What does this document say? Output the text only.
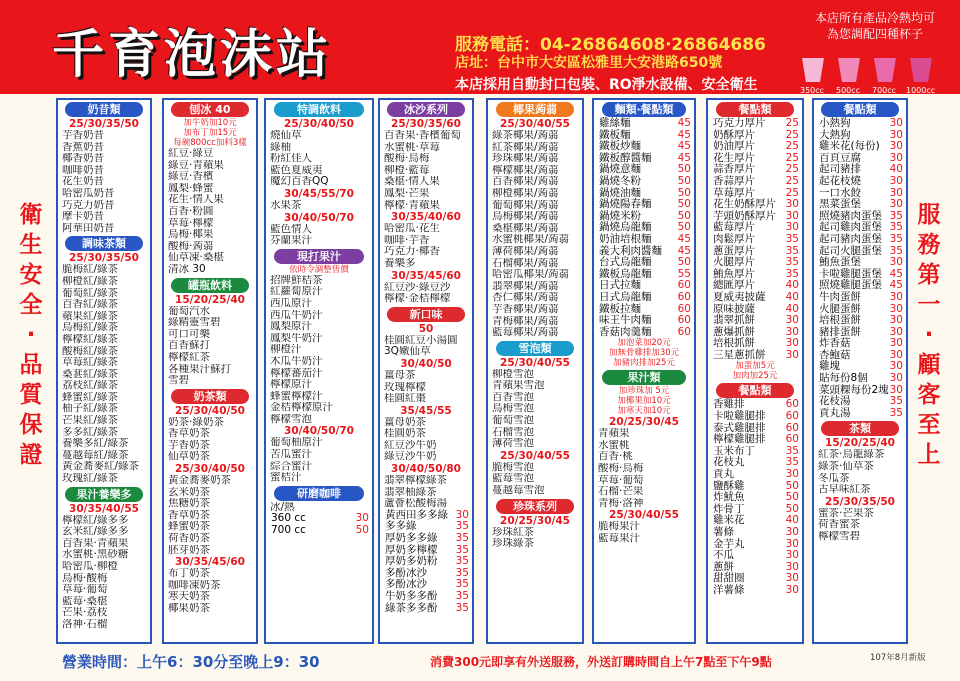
千育泡沫站	服務電話：04-26864608‧26864686
店址：台中市大安區松雅里大安港路650號
本店採用自動封口包裝、RO淨水設備、安全衛生
本店所有產品冷熱均可
為您調配四種杯子
350cc 500cc 700cc 1000cc
衛
生
安
全
‧
品
質
保
證
服
務
第
一
‧
顧
客
至
上
奶昔類
25/30/35/50
芋香奶昔
香蕉奶昔
椰香奶昔
咖啡奶昔
花生奶昔
哈密瓜奶昔
巧克力奶昔
摩卡奶昔
阿華田奶昔
調味茶類
25/30/35/50
脆梅紅/綠茶
柳橙紅/綠茶
葡萄紅/綠茶
百香紅/綠茶
蘋果紅/綠茶
烏梅紅/綠茶
檸檬紅/綠茶
酸梅紅/綠茶
草莓紅/綠茶
桑葚紅/綠茶
荔枝紅/綠茶
蜂蜜紅/綠茶
柚子紅/綠茶
芒果紅/綠茶
多多紅/綠茶
養樂多紅/綠茶
蔓越莓紅/綠茶
黃金蕎麥紅/綠茶
玫瑰紅/綠茶
果汁養樂多
30/35/40/55
檸檬紅/綠多多
玄米紅/綠多多
百香果‧青蘋果
水蜜桃‧黑砂糖
哈密瓜‧柳橙
烏梅‧酸梅
草莓‧葡萄
藍莓‧桑椹
芒果‧荔枝
洛神‧石榴
刨冰 40
加牛奶加10元
加布丁加15元
每碗800cc加料3樣
紅豆‧綠豆
綠豆‧青蘋果
綠豆‧香檳
鳳梨‧蜂蜜
花生‧情人果
百香‧粉圓
草莓‧檸檬
烏梅‧椰果
酸梅‧蒟蒻
仙草凍‧桑椹
清冰 30
罐瓶飲料
15/20/25/40
葡萄汽水
綠精靈雪碧
可口可樂
百香蘇打
檸檬紅茶
各種果汁蘇打
雪碧
奶茶類
25/30/40/50
奶茶‧綠奶茶
香草奶茶
芋香奶茶
仙草奶茶
25/30/40/50
黃金蕎麥奶茶
玄米奶茶
焦糖奶茶
香草奶茶
蜂蜜奶茶
荷香奶茶
胚芽奶茶
30/35/45/60
布丁奶茶
咖啡凍奶茶
寒天奶茶
椰果奶茶
特調飲料
25/30/40/50
燒仙草
綠柚
粉紅佳人
藍色夏威夷
魔幻百香QQ
30/45/55/70
水果茶
30/40/50/70
藍色情人
芬蘭果汁
現打果汁
依時令調整售價
招牌鮮桔茶
紅蘿蔔原汁
西瓜原汁
西瓜牛奶汁
鳳梨原汁
鳳梨牛奶汁
柳橙汁
木瓜牛奶汁
檸檬蕃茄汁
檸檬原汁
蜂蜜檸檬汁
金桔檸檬原汁
檸檬雪泡
30/40/50/70
葡萄柚原汁
苦瓜蜜汁
綜合蜜汁
蜜桔汁
研磨咖啡
冰/熱
360 cc	30
700 cc	50
冰沙系列
25/30/35/60
百香果‧香檳葡萄
水蜜桃‧草莓
酸梅‧烏梅
柳橙‧藍莓
桑椹‧情人果
鳳梨‧芒果
檸檬‧青蘋果
30/35/40/60
哈密瓜‧花生
咖啡‧芋香
巧克力‧椰香
養樂多
30/35/45/60
紅豆沙‧綠豆沙
檸檬‧金桔檸檬
新口味
50
桂圓紅豆小湯圓
3Q嫩仙草
30/40/50
薑母茶
玫瑰檸檬
桂圓紅棗
35/45/55
薑母奶茶
桂圓奶茶
紅豆沙牛奶
綠豆沙牛奶
30/40/50/80
翡翠檸檬綠茶
翡翠柚綠茶
蘆薈松酸梅湯
黃西田多多綠 30
多多綠	35
厚奶多多綠 35
厚奶多檸檬 35
厚奶多奶粉 35
多酚冰沙	35
多酚冰沙	35
牛奶多多酚 35
綠茶多多酚 35
椰果蒟蒻
25/30/40/55
綠茶椰果/蒟蒻
紅茶椰果/蒟蒻
珍珠椰果/蒟蒻
檸檬椰果/蒟蒻
百香椰果/蒟蒻
柳橙椰果/蒟蒻
葡萄椰果/蒟蒻
烏梅椰果/蒟蒻
桑椹椰果/蒟蒻
水蜜桃椰果/蒟蒻
薄荷椰果/蒟蒻
石榴椰果/蒟蒻
哈密瓜椰果/蒟蒻
翡翠椰果/蒟蒻
杏仁椰果/蒟蒻
芋香椰果/蒟蒻
青梅椰果/蒟蒻
藍莓椰果/蒟蒻
雪泡類
25/30/40/55
柳橙雪泡
青蘋果雪泡
百香雪泡
烏梅雪泡
葡萄雪泡
石榴雪泡
薄荷雪泡
25/30/40/55
脆梅雪泡
藍莓雪泡
蔓越莓雪泡
珍珠系列
20/25/30/45
珍珠紅茶
珍珠綠茶
麵類‧餐點類
雞絲麵	45
鐵板麵	45
鐵板炒麵	45
鐵板醇醬麵 45
鍋燒意麵	50
鍋燒冬粉	50
鍋燒油麵	50
鍋燒陽春麵 50
鍋燒米粉	50
鍋燒烏龍麵 50
奶油培根麵 45
義大利肉醬麵 45
台式烏龍麵 50
鐵板烏龍麵 55
日式拉麵	60
日式烏龍麵 60
鐵板拉麵	60
味王牛肉麵 60
香菇肉羹麵 60
加泡菜加20元
加無骨雞排加30元
加豬肉排加25元
果汁類
加珍珠加 5元
加椰果加10元
加寒天加10元
20/25/30/45
青蘋果
水蜜桃
百香‧桃
酸梅‧烏梅
草莓‧葡萄
石榴‧芒果
青梅‧洛神
25/30/40/55
脆梅果汁
藍莓果汁
餐點類
巧克力厚片 25
奶酥厚片	25
奶油厚片	25
花生厚片	25
蒜香厚片	25
香蒜厚片	25
草莓厚片	25
花生奶酥厚片 30
芋頭奶酥厚片 30
藍莓厚片	30
肉鬆厚片	35
蔥蛋厚片	35
火腿厚片	35
鮪魚厚片	35
總匯厚片	40
夏威夷披薩 40
原味披薩	40
翡翠抓餅	30
蔥爆抓餅	30
培根抓餅	30
三星蔥抓餅 30
加蛋加5元
加肉加25元
餐點類
香雞排	60
卡啦雞腿排 60
泰式雞腿排 60
檸檬雞腿排 60
玉米布丁	35
花枝丸	35
貢丸	30
鹽酥雞	50
炸魷魚	50
炸骨丁	50
雞米花	40
薯條	30
金芋丸	30
不瓜	30
蔥餅	30
甜甜圈	30
洋薯條	30
餐點類
小熱狗	30
大熱狗	30
雞米花(每份) 30
百頁豆腐	30
起司豬排	40
起花枝燒	30
一口水餃	30
黑菜蛋堡	30
照燒豬肉蛋堡 35
起司雞肉蛋堡 35
起司豬肉蛋堡 35
起司火腿蛋堡 35
鮪魚蛋堡	30
卡啦雞腿蛋堡 45
照燒雞腿蛋堡 45
牛肉蛋餅	30
火腿蛋餅	30
培根蛋餅	30
豬排蛋餅	30
炸香菇	30
杏鮑菇	30
雞塊	30
貼每份8個 30
菜頭粿每份2塊 30
花枝湯	35
貢丸湯	35
茶類
15/20/25/40
紅茶‧烏龍綠茶
綠茶‧仙草茶
冬瓜茶
古早味紅茶
25/30/35/50
蜜茶‧芒果茶
荷香蜜茶
檸檬雪碧
營業時間：上午6：30分至晚上9：30	消費300元即享有外送服務，外送訂購時間自上午7點至下午9點	107年8月新版
